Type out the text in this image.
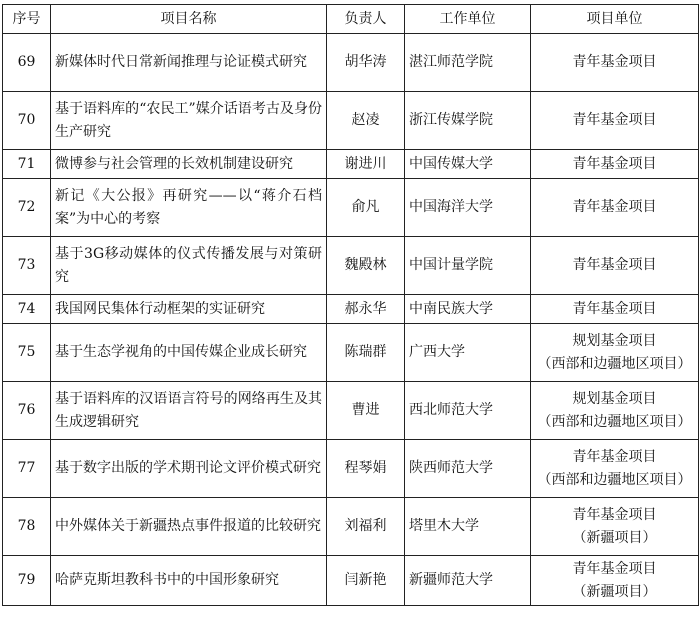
序号	项目名称	负责人	工作单位	项目单位
69	新媒体时代日常新闻推理与论证模式研究	胡华涛	湛江师范学院	青年基金项目

70	基于语料库的“农民工”媒介话语考古及身份生产研究	赵凌	浙江传媒学院	青年基金项目

71	微博参与社会管理的长效机制建设研究	谢进川	中国传媒大学	青年基金项目

72	新记《大公报》再研究——以“蒋介石档案”为中心的考察	俞凡	中国海洋大学	青年基金项目

73	基于3G移动媒体的仪式传播发展与对策研究	魏殿林	中国计量学院	青年基金项目

74	我国网民集体行动框架的实证研究	郝永华	中南民族大学	青年基金项目

75	基于生态学视角的中国传媒企业成长研究	陈瑞群	广西大学	规划基金项目
（西部和边疆地区项目）

76	基于语料库的汉语语言符号的网络再生及其生成逻辑研究	曹进	西北师范大学	规划基金项目
（西部和边疆地区项目）

77	基于数字出版的学术期刊论文评价模式研究	程琴娟	陕西师范大学	青年基金项目
（西部和边疆地区项目）

78	中外媒体关于新疆热点事件报道的比较研究	刘福利	塔里木大学	青年基金项目
（新疆项目）

79	哈萨克斯坦教科书中的中国形象研究	闫新艳	新疆师范大学	青年基金项目
（新疆项目）
